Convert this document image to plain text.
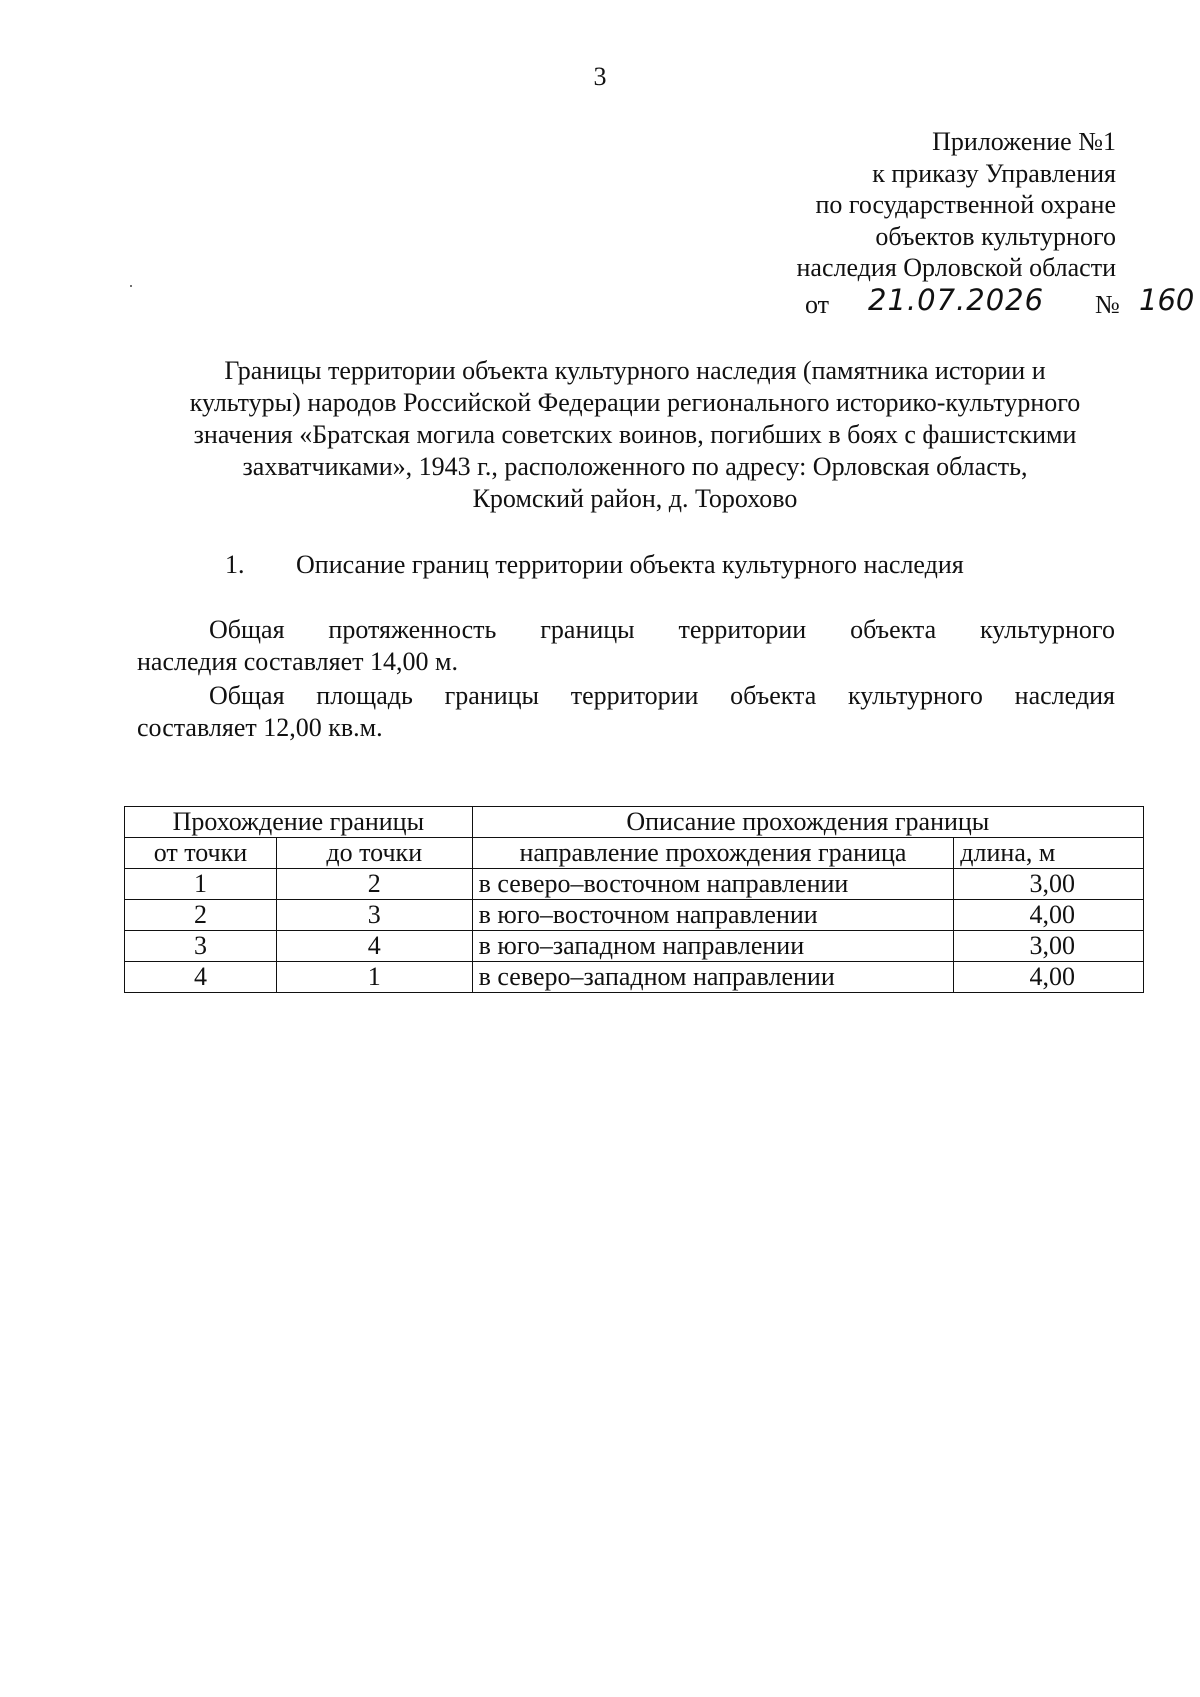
3
Приложение №1
к приказу Управления
по государственной охране
объектов культурного
наследия Орловской области
от 21.07.2026 № 160
Границы территории объекта культурного наследия (памятника истории и
культуры) народов Российской Федерации регионального историко-культурного
значения «Братская могила советских воинов, погибших в боях с фашистскими
захватчиками», 1943 г., расположенного по адресу: Орловская область,
Кромский район, д. Торохово
1. Описание границ территории объекта культурного наследия
Общая протяженность границы территории объекта культурного
наследия составляет 14,00 м.
Общая площадь границы территории объекта культурного наследия
составляет 12,00 кв.м.
Прохождение границы		Описание прохождения границы	
от точки	до точки	направление прохождения граница	длина, м
1	2	в северо–восточном направлении	3,00
2	3	в юго–восточном направлении	4,00
3	4	в юго–западном направлении	3,00
4	1	в северо–западном направлении	4,00
